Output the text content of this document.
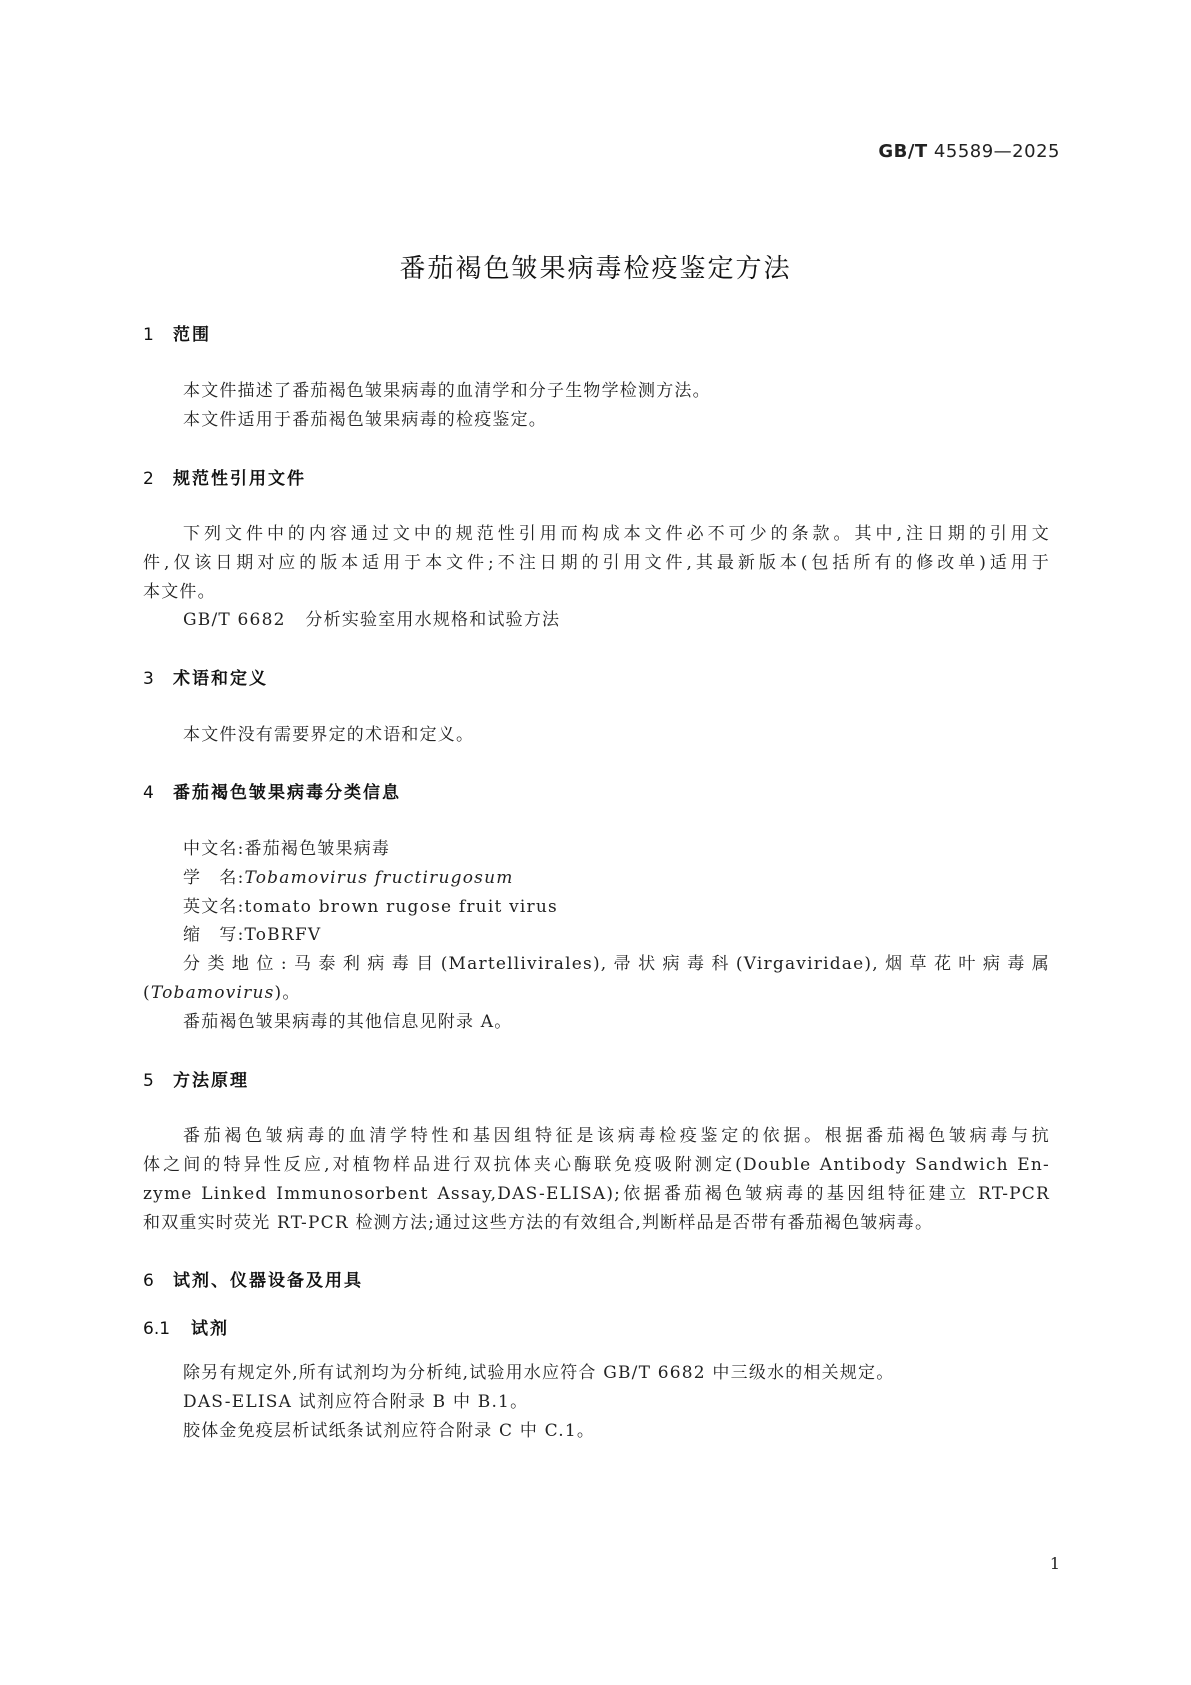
GB/T 45589—2025
番茄褐色皱果病毒检疫鉴定方法
1 范围
本文件描述了番茄褐色皱果病毒的血清学和分子生物学检测方法。
本文件适用于番茄褐色皱果病毒的检疫鉴定。
2 规范性引用文件
下列文件中的内容通过文中的规范性引用而构成本文件必不可少的条款。其中,注日期的引用文
件,仅该日期对应的版本适用于本文件;不注日期的引用文件,其最新版本(包括所有的修改单)适用于
本文件。
GB/T 6682 分析实验室用水规格和试验方法
3 术语和定义
本文件没有需要界定的术语和定义。
4 番茄褐色皱果病毒分类信息
中文名:番茄褐色皱果病毒
学　名:Tobamovirus fructirugosum
英文名:tomato brown rugose fruit virus
缩　写:ToBRFV
分类地位:马泰利病毒目(Martellivirales),帚状病毒科(Virgaviridae),烟草花叶病毒属
(Tobamovirus)。
番茄褐色皱果病毒的其他信息见附录 A。
5 方法原理
番茄褐色皱病毒的血清学特性和基因组特征是该病毒检疫鉴定的依据。根据番茄褐色皱病毒与抗
体之间的特异性反应,对植物样品进行双抗体夹心酶联免疫吸附测定(Double Antibody Sandwich En-
zyme Linked Immunosorbent Assay,DAS-ELISA);依据番茄褐色皱病毒的基因组特征建立 RT-PCR
和双重实时荧光 RT-PCR 检测方法;通过这些方法的有效组合,判断样品是否带有番茄褐色皱病毒。
6 试剂、仪器设备及用具
6.1 试剂
除另有规定外,所有试剂均为分析纯,试验用水应符合 GB/T 6682 中三级水的相关规定。
DAS-ELISA 试剂应符合附录 B 中 B.1。
胶体金免疫层析试纸条试剂应符合附录 C 中 C.1。
1
